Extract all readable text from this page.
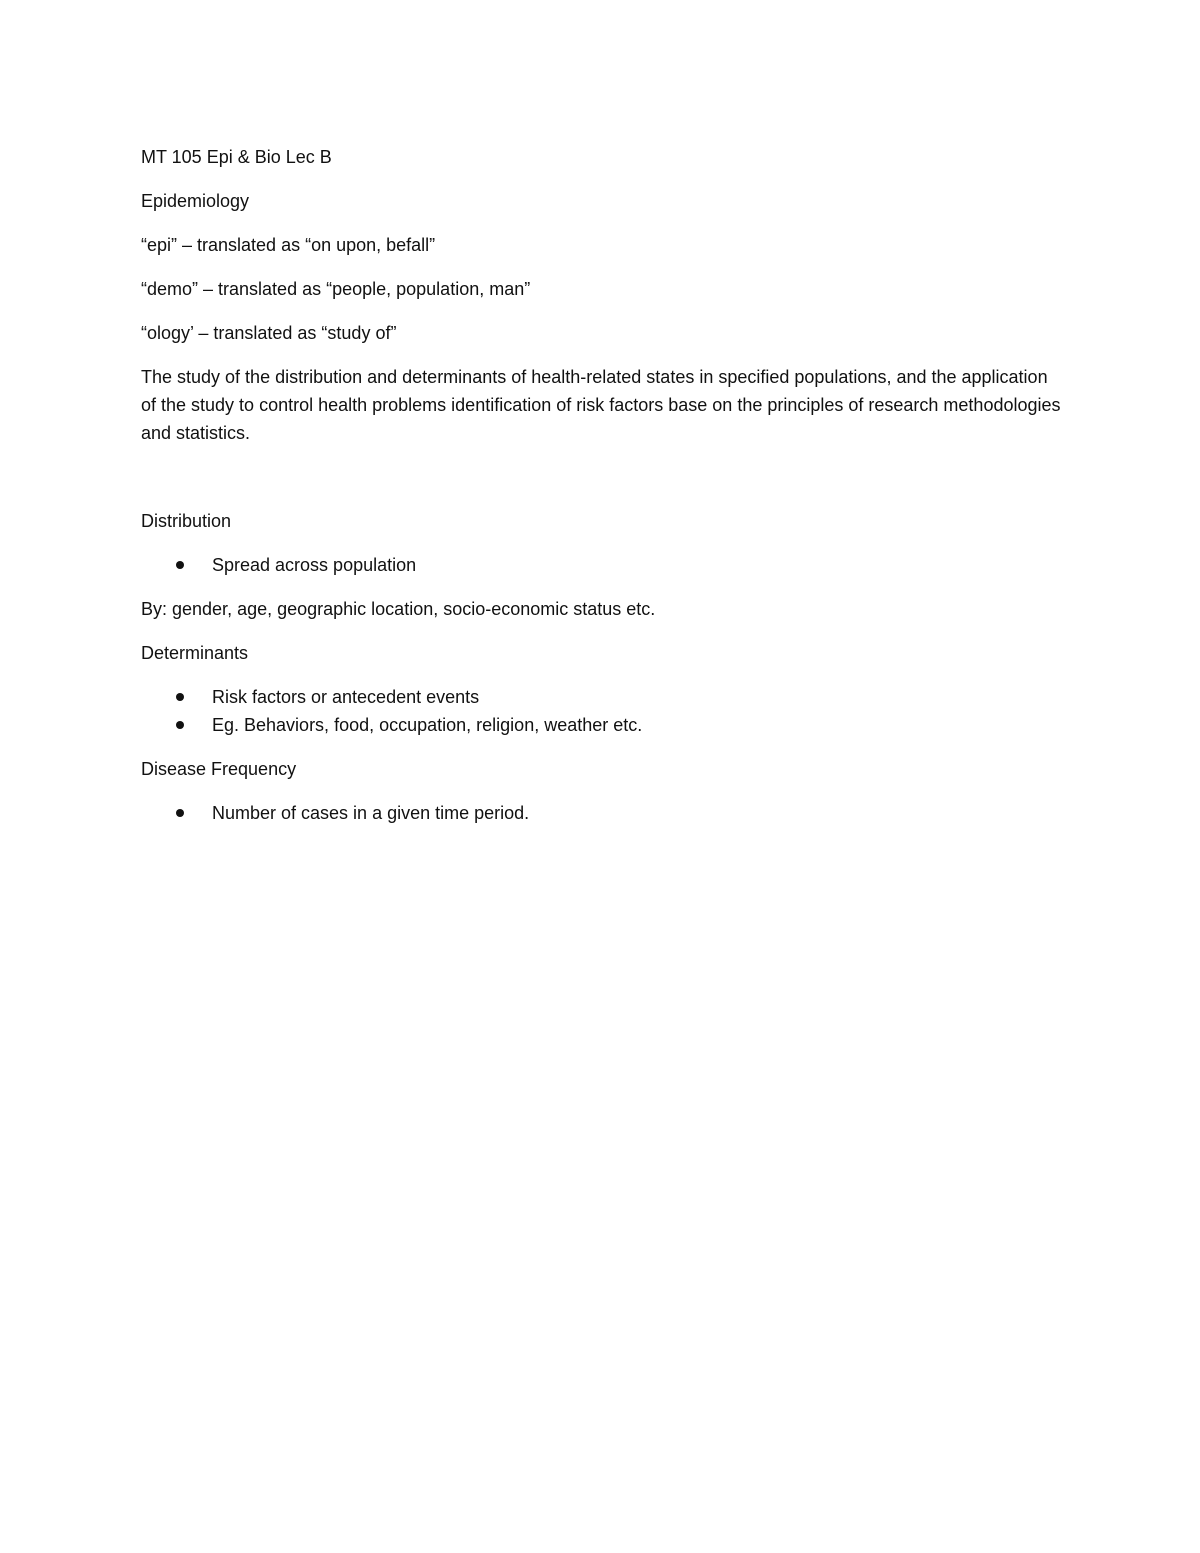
MT 105 Epi & Bio Lec B

Epidemiology

“epi” – translated as “on upon, befall”

“demo” – translated as “people, population, man”

“ology’ – translated as “study of”

The study of the distribution and determinants of health-related states in specified populations, and the application of the study to control health problems identification of risk factors base on the principles of research methodologies and statistics.

Distribution

Spread across population

By: gender, age, geographic location, socio-economic status etc.

Determinants

Risk factors or antecedent events
Eg. Behaviors, food, occupation, religion, weather etc.

Disease Frequency

Number of cases in a given time period.
